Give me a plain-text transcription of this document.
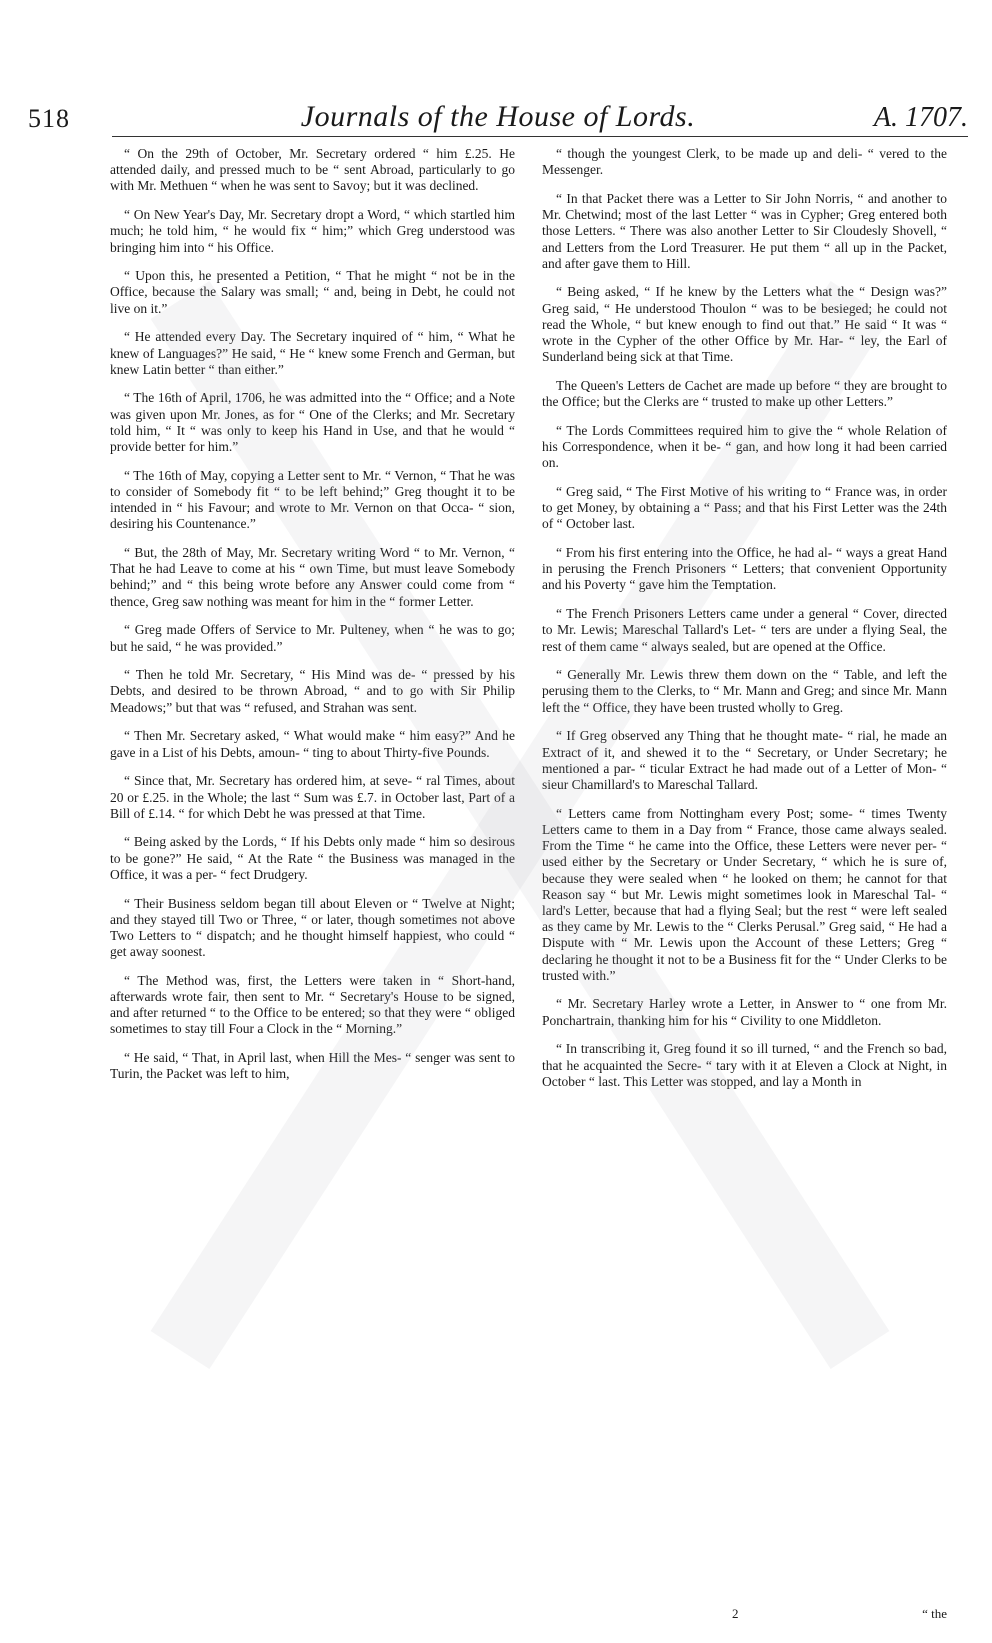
518	Journals of the House of Lords.	A. 1707.

“ On the 29th of October, Mr. Secretary ordered “ him £.25. He attended daily, and pressed much to be “ sent Abroad, particularly to go with Mr. Methuen “ when he was sent to Savoy; but it was declined.

“ On New Year's Day, Mr. Secretary dropt a Word, “ which startled him much; he told him, “ he would fix “ him;” which Greg understood was bringing him into “ his Office.

“ Upon this, he presented a Petition, “ That he might “ not be in the Office, because the Salary was small; “ and, being in Debt, he could not live on it.”

“ He attended every Day. The Secretary inquired of “ him, “ What he knew of Languages?” He said, “ He “ knew some French and German, but knew Latin better “ than either.”

“ The 16th of April, 1706, he was admitted into the “ Office; and a Note was given upon Mr. Jones, as for “ One of the Clerks; and Mr. Secretary told him, “ It “ was only to keep his Hand in Use, and that he would “ provide better for him.”

“ The 16th of May, copying a Letter sent to Mr. “ Vernon, “ That he was to consider of Somebody fit “ to be left behind;” Greg thought it to be intended in “ his Favour; and wrote to Mr. Vernon on that Occa- “ sion, desiring his Countenance.”

“ But, the 28th of May, Mr. Secretary writing Word “ to Mr. Vernon, “ That he had Leave to come at his “ own Time, but must leave Somebody behind;” and “ this being wrote before any Answer could come from “ thence, Greg saw nothing was meant for him in the “ former Letter.

“ Greg made Offers of Service to Mr. Pulteney, when “ he was to go; but he said, “ he was provided.”

“ Then he told Mr. Secretary, “ His Mind was de- “ pressed by his Debts, and desired to be thrown Abroad, “ and to go with Sir Philip Meadows;” but that was “ refused, and Strahan was sent.

“ Then Mr. Secretary asked, “ What would make “ him easy?” And he gave in a List of his Debts, amoun- “ ting to about Thirty-five Pounds.

“ Since that, Mr. Secretary has ordered him, at seve- “ ral Times, about 20 or £.25. in the Whole; the last “ Sum was £.7. in October last, Part of a Bill of £.14. “ for which Debt he was pressed at that Time.

“ Being asked by the Lords, “ If his Debts only made “ him so desirous to be gone?” He said, “ At the Rate “ the Business was managed in the Office, it was a per- “ fect Drudgery.

“ Their Business seldom began till about Eleven or “ Twelve at Night; and they stayed till Two or Three, “ or later, though sometimes not above Two Letters to “ dispatch; and he thought himself happiest, who could “ get away soonest.

“ The Method was, first, the Letters were taken in “ Short-hand, afterwards wrote fair, then sent to Mr. “ Secretary's House to be signed, and after returned “ to the Office to be entered; so that they were “ obliged sometimes to stay till Four a Clock in the “ Morning.”

“ He said, “ That, in April last, when Hill the Mes- “ senger was sent to Turin, the Packet was left to him,

“ though the youngest Clerk, to be made up and deli- “ vered to the Messenger.

“ In that Packet there was a Letter to Sir John Norris, “ and another to Mr. Chetwind; most of the last Letter “ was in Cypher; Greg entered both those Letters. “ There was also another Letter to Sir Cloudesly Shovell, “ and Letters from the Lord Treasurer. He put them “ all up in the Packet, and after gave them to Hill.

“ Being asked, “ If he knew by the Letters what the “ Design was?” Greg said, “ He understood Thoulon “ was to be besieged; he could not read the Whole, “ but knew enough to find out that.” He said “ It was “ wrote in the Cypher of the other Office by Mr. Har- “ ley, the Earl of Sunderland being sick at that Time.

The Queen's Letters de Cachet are made up before “ they are brought to the Office; but the Clerks are “ trusted to make up other Letters.”

“ The Lords Committees required him to give the “ whole Relation of his Correspondence, when it be- “ gan, and how long it had been carried on.

“ Greg said, “ The First Motive of his writing to “ France was, in order to get Money, by obtaining a “ Pass; and that his First Letter was the 24th of “ October last.

“ From his first entering into the Office, he had al- “ ways a great Hand in perusing the French Prisoners “ Letters; that convenient Opportunity and his Poverty “ gave him the Temptation.

“ The French Prisoners Letters came under a general “ Cover, directed to Mr. Lewis; Mareschal Tallard's Let- “ ters are under a flying Seal, the rest of them came “ always sealed, but are opened at the Office.

“ Generally Mr. Lewis threw them down on the “ Table, and left the perusing them to the Clerks, to “ Mr. Mann and Greg; and since Mr. Mann left the “ Office, they have been trusted wholly to Greg.

“ If Greg observed any Thing that he thought mate- “ rial, he made an Extract of it, and shewed it to the “ Secretary, or Under Secretary; he mentioned a par- “ ticular Extract he had made out of a Letter of Mon- “ sieur Chamillard's to Mareschal Tallard.

“ Letters came from Nottingham every Post; some- “ times Twenty Letters came to them in a Day from “ France, those came always sealed. From the Time “ he came into the Office, these Letters were never per- “ used either by the Secretary or Under Secretary, “ which he is sure of, because they were sealed when “ he looked on them; he cannot for that Reason say “ but Mr. Lewis might sometimes look in Mareschal Tal- “ lard's Letter, because that had a flying Seal; but the rest “ were left sealed as they came by Mr. Lewis to the “ Clerks Perusal.” Greg said, “ He had a Dispute with “ Mr. Lewis upon the Account of these Letters; Greg “ declaring he thought it not to be a Business fit for the “ Under Clerks to be trusted with.”

“ Mr. Secretary Harley wrote a Letter, in Answer to “ one from Mr. Ponchartrain, thanking him for his “ Civility to one Middleton.

“ In transcribing it, Greg found it so ill turned, “ and the French so bad, that he acquainted the Secre- “ tary with it at Eleven a Clock at Night, in October “ last. This Letter was stopped, and lay a Month in

2	“ the
